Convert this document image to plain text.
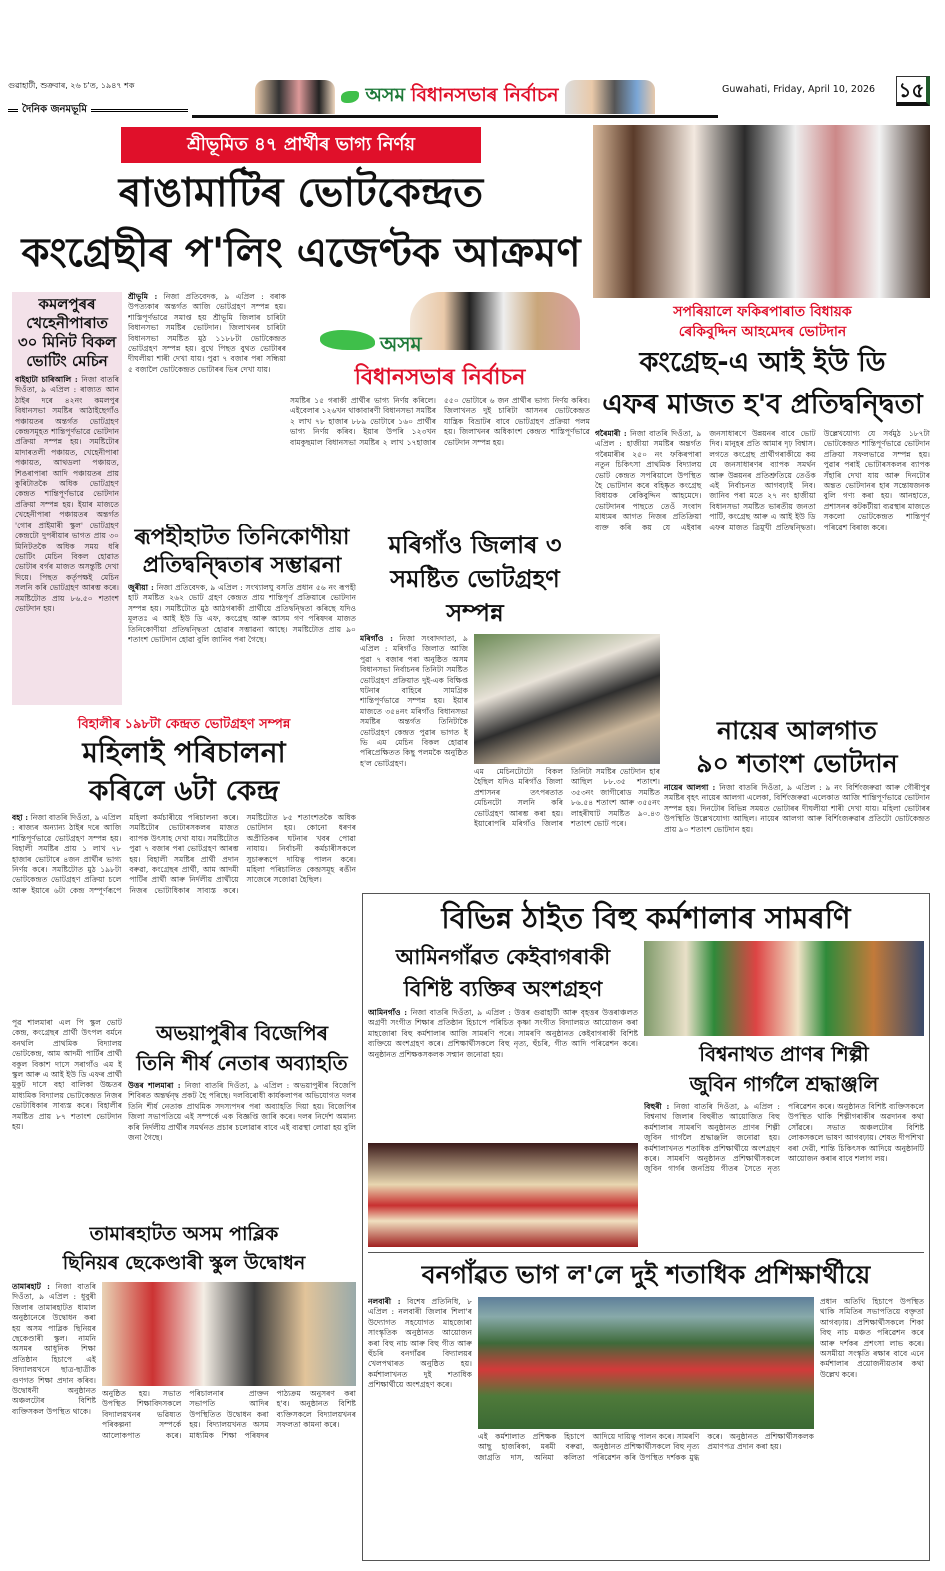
গুৱাহাটী, শুক্ৰবাৰ, ২৬ চ'ত, ১৯৪৭ শক
দৈনিক জনমভূমি
অসম বিধানসভাৰ নিৰ্বাচন	Guwahati, Friday, April 10, 2026	১৫
শ্ৰীভূমিত ৪৭ প্ৰাৰ্থীৰ ভাগ্য নিৰ্ণয়
ৰাঙামাটিৰ ভোটকেন্দ্ৰত
কংগ্ৰেছীৰ প'লিং এজেণ্টক আক্ৰমণ
কমলপুৰৰ খেহেনীপাৰাত ৩০ মিনিট বিকল ভোটিং মেচিন
বাইহাটা চাৰিআলি : নিজা বাতৰি দিওঁতা, ৯ এপ্ৰিল : ৰাজ্যত আন ঠাইৰ দৰে ৪২নং কমলপুৰ বিধানসভা সমষ্টিৰ আঠাইছেগাঁও পঞ্চায়তৰ অন্তৰ্গত ভোটগ্ৰহণ কেন্দ্ৰসমূহত শান্তিপূৰ্ণভাৱে ভোটদান প্ৰক্ৰিয়া সম্পন্ন হয়। সমষ্টিটোৰ মাদাৰতলী পঞ্চায়ত, খেহেনীপাৰা পঞ্চায়ত, আথডলা পঞ্চায়ত, শিঙৰাপাৰা আদি পঞ্চায়তৰ প্ৰায় কুৰিটাতকৈ অধিক ভোটগ্ৰহণ কেন্দ্ৰত শান্তিপূৰ্ণভাৱে ভোটদান প্ৰক্ৰিয়া সম্পন্ন হয়। ইয়াৰ মাজতে খেহেনীপাৰা পঞ্চায়তৰ অন্তৰ্গত 'গোৰ প্ৰাইমাৰী স্কুল' ভোটগ্ৰহণ কেন্দ্ৰটো দুপৰীয়াৰ ভাগত প্ৰায় ৩০ মিনিটতকৈ অধিক সময় ধৰি ভোটিং মেচিন বিকল হোৱাত ভোটাৰ বৰ্গৰ মাজত অসন্তুষ্টি দেখা দিয়ে। পিছত কৰ্তৃপক্ষই মেচিন সলনি কৰি ভোটগ্ৰহণ আৰম্ভ কৰে। সমষ্টিটোত প্ৰায় ৮৬.৫০ শতাংশ ভোটদান হয়।
শ্ৰীভূমি : নিজা প্ৰতিবেদক, ৯ এপ্ৰিল : বৰাক উপত্যকাৰ অন্তৰ্গত আজি ভোটগ্ৰহণ সম্পন্ন হয়। শাস্তিপূৰ্ণভাৱে সমাপ্ত হয় শ্ৰীভূমি জিলাৰ চাৰিটা বিধানসভা সমষ্টিৰ ভোটদান। জিলাখনৰ চাৰিটা বিধানসভা সমষ্টিত মুঠ ১১৮৮টা ভোটকেন্দ্ৰত ভোটগ্ৰহণ সম্পন্ন হয়। বুথে পিছত বুথত ভোটাৰৰ দীঘলীয়া শাৰী দেখা যায়। পুৱা ৭ বজাৰ পৰা সন্ধিয়া ৫ বজালৈ ভোটকেন্দ্ৰত ভোটাৰৰ ভিৰ দেখা যায়।
অসম
বিধানসভাৰ নিৰ্বাচন
সমষ্টিৰ ১৫ গৰাকী প্ৰাৰ্থীৰ ভাগ্য নিৰ্ণয় কৰিলে। এইবেলাৰ ১২৬খন থাকাবাৰণী বিধানসভা সমষ্টিৰ ২ লাখ ৭৮ হাজাৰ ৮৮৯ ভোটাৰে ১৬০ প্ৰাৰ্থীৰ ভাগ্য নিৰ্ণয় কৰিব। ইয়াৰ উপৰি ১২৩খন বামকুছমাল বিধানসভা সমষ্টিৰ ২ লাখ ১৭হাজাৰ ৫৫০ ভোটাৰে ৬ জন প্ৰাৰ্থীৰ ভাগ্য নিৰ্ণয় কৰিব। জিলাখনত দুই চাৰিটা আসনৰ ভোটকেন্দ্ৰত যান্ত্ৰিক বিভ্ৰাটৰ বাবে ভোটগ্ৰহণ প্ৰক্ৰিয়া পলম হয়। জিলাখনৰ অধিকাংশ কেন্দ্ৰত শাস্তিপূৰ্ণভাৱে ভোটদান সম্পন্ন হয়।
ৰূপহীহাটত তিনিকোণীয়া প্ৰতিদ্বন্দ্বিতাৰ সম্ভাৱনা
জুৰীয়া : নিজা প্ৰতিবেদক, ৯ এপ্ৰিল : সংখ্যালঘু বসতি প্ৰধান ৫৬ নং ৰূপহী হাট সমষ্টিত ২৬২ ভোট গ্ৰহণ কেন্দ্ৰত প্ৰায় শান্তিপূৰ্ণ প্ৰক্ৰিয়াৰে ভোটদান সম্পন্ন হয়। সমষ্টিটোত মুঠ আঠগৰাকী প্ৰাৰ্থীয়ে প্ৰতিদ্বন্দ্বিতা কৰিছে যদিও মূলতঃ এ আই ইউ ডি এফ, কংগ্ৰেছ আৰু আসম গণ পৰিষদৰ মাজত তিনিকোণীয়া প্ৰতিদ্বন্দ্বিতা হোৱাৰ সম্ভাৱনা আছে। সমষ্টিটোত প্ৰায় ৯০ শতাংশ ভোটদান হোৱা বুলি জানিব পৰা গৈছে।
সপৰিয়ালে ফকিৰপাৰাত বিধায়ক
ৰেকিবুদ্দিন আহমেদৰ ভোটদান
কংগ্ৰেছ-এ আই ইউ ডি
এফৰ মাজত হ'ব প্ৰতিদ্বন্দ্বিতা
গৰৈমাৰী : নিজা বাতৰি দিওঁতা, ৯ এপ্ৰিল : হাজীয়া সমষ্টিৰ অন্তৰ্গত গৰৈমাৰীৰ ২৫০ নং ফকিৰপাৰা নতুন চিকিৎসা প্ৰাথমিক বিদ্যালয় ভোট কেন্দ্ৰত সপৰিয়ালে উপস্থিত হৈ ভোটদান কৰে বহিষ্কৃত কংগ্ৰেছ বিধায়ক ৰেকিবুদ্দিন আহমেদে। ভোটদানৰ পাছতে তেওঁ সংবাদ মাধ্যমৰ আগত নিজৰ প্ৰতিক্ৰিয়া ব্যক্ত কৰি কয় যে এইবাৰ জনসাধাৰণে উন্নয়নৰ বাবে ভোট দিব। মানুহৰ প্ৰতি আমাৰ দৃঢ় বিশ্বাস। লগতে কংগ্ৰেছ প্ৰাৰ্থীগৰাকীয়ে কয় যে জনসাধাৰণৰ ব্যাপক সমৰ্থন আৰু উন্নয়নৰ প্ৰতিশ্ৰুতিয়ে তেওঁক এই নিৰ্বাচনত আগবঢ়াই নিব। জানিব পৰা মতে ২৭ নং হাজীয়া বিধানসভা সমষ্টিত ভাৰতীয় জনতা পাৰ্টি, কংগ্ৰেছ আৰু এ আই ইউ ডি এফৰ মাজত ত্ৰিমুখী প্ৰতিদ্বন্দ্বিতা। উল্লেখযোগ্য যে সৰ্বমুঠ ১৮৭টা ভোটকেন্দ্ৰত শান্তিপূৰ্ণভাৱে ভোটদান প্ৰক্ৰিয়া সফলভাৱে সম্পন্ন হয়। পুৱাৰ পৰাই ভোটাৰসকলৰ ব্যাপক সঁহাৰি দেখা যায় আৰু দিনটোৰ অন্তত ভোটদানৰ হাৰ সন্তোষজনক বুলি গণ্য কৰা হয়। আনহাতে, প্ৰশাসনৰ কটকটীয়া ব্যৱস্থাৰ মাজতে সকলো ভোটকেন্দ্ৰত শান্তিপূৰ্ণ পৰিৱেশ বিৰাজ কৰে।
মৰিগাঁও জিলাৰ ৩
সমষ্টিত ভোটগ্ৰহণ সম্পন্ন
মৰিগাঁও : নিজা সংবাদদাতা, ৯ এপ্ৰিল : মৰিগাঁও জিলাত আজি পুৱা ৭ বজাৰ পৰা অনুষ্ঠিত অসম বিধানসভা নিৰ্বাচনৰ তিনিটা সমষ্টিত ভোটগ্ৰহণ প্ৰক্ৰিয়াত দুই-এক বিক্ষিপ্ত ঘটনাৰ বাহিৰে সামগ্ৰিক শান্তিপূৰ্ণভাৱে সম্পন্ন হয়। ইয়াৰ মাজতে ৩৫৪নং মৰিগাঁও বিধানসভা সমষ্টিৰ অন্তৰ্গত তিনিটাকৈ ভোটগ্ৰহণ কেন্দ্ৰত পুৱাৰ ভাগত ই ভি এম মেচিন বিকল হোৱাৰ পৰিপ্ৰেক্ষিতত কিছু পলমকৈ অনুষ্ঠিত হ'ল ভোটগ্ৰহণ।
এম মেচিনটোটো বিকল হৈছিল যদিও মৰিগাঁও জিলা প্ৰশাসনৰ তৎপৰতাত মেচিনটো সলনি কৰি ভোটগ্ৰহণ আৰম্ভ কৰা হয়। ইয়াৰোপৰি মৰিগাঁও জিলাৰ তিনিটা সমষ্টিৰ ভোটদান হাৰ আছিল ৮৮.৩৫ শতাংশ। ৩৫৩নং জাগীৰোড সমষ্টিত ৮৬.৫৪ শতাংশ আৰু ৩৫৫নং লাহৰীঘাট সমষ্টিত ৯০.৪৩ শতাংশ ভোট পৰে।
নায়েৰ আলগাত
৯০ শতাংশ ভোটদান
নায়েৰ আলগা : নিজা বাতৰি দিওঁতা, ৯ এপ্ৰিল : ৯ নং বিৰ্শিংজৰুৱা আৰু গৌৰীপুৰ সমষ্টিৰ বৃহৎ নায়েৰ আলগা এলেকা, বিৰ্শিংজৰুৱা এলেকাত আজি শান্তিপূৰ্ণভাৱে ভোটদান সম্পন্ন হয়। দিনটোৰ বিভিন্ন সময়ত ভোটাৰৰ দীঘলীয়া শাৰী দেখা যায়। মহিলা ভোটাৰৰ উপস্থিতি উল্লেখযোগ্য আছিল। নায়েৰ আলগা আৰু বিৰ্শিংজৰুৱাৰ প্ৰতিটো ভোটকেন্দ্ৰত প্ৰায় ৯০ শতাংশ ভোটদান হয়।
বিহালীৰ ১৯৮টা কেন্দ্ৰত ভোটগ্ৰহণ সম্পন্ন
মহিলাই পৰিচালনা
কৰিলে ৬টা কেন্দ্ৰ
বহা : নিজা বাতৰি দিওঁতা, ৯ এপ্ৰিল : ৰাজ্যৰ অন্যান্য ঠাইৰ দৰে আজি শান্তিপূৰ্ণভাৱে ভোটগ্ৰহণ সম্পন্ন হয়। বিহালী সমষ্টিৰ প্ৰায় ১ লাখ ৭৮ হাজাৰ ভোটাৰে ৪জন প্ৰাৰ্থীৰ ভাগ্য নিৰ্ণয় কৰে। সমষ্টিটোত মুঠ ১৯৮টা ভোটকেন্দ্ৰত ভোটগ্ৰহণ প্ৰক্ৰিয়া চলে আৰু ইয়াৰে ৬টা কেন্দ্ৰ সম্পূৰ্ণৰূপে মহিলা কৰ্মচাৰীয়ে পৰিচালনা কৰে। সমষ্টিটোৰ ভোটাৰসকলৰ মাজত ব্যাপক উৎসাহ দেখা যায়। সমষ্টিটোত পুৱা ৭ বজাৰ পৰা ভোটগ্ৰহণ আৰম্ভ হয়। বিহালী সমষ্টিৰ প্ৰাৰ্থী প্ৰদান বৰুৱা, কংগ্ৰেছৰ প্ৰাৰ্থী, আম আদমী পাৰ্টিৰ প্ৰাৰ্থী আৰু নিৰ্দলীয় প্ৰাৰ্থীয়ে নিজৰ ভোটাধিকাৰ সাব্যস্ত কৰে। সমষ্টিটোত ৮৫ শতাংশতকৈ অধিক ভোটদান হয়। কোনো ধৰণৰ অপ্ৰীতিকৰ ঘটনাৰ খবৰ পোৱা নাযায়। নিৰ্বাচনী কৰ্মচাৰীসকলে সুচাৰুৰূপে দায়িত্ব পালন কৰে। মহিলা পৰিচালিত কেন্দ্ৰসমূহ ৰঙীন সাজেৰে সজোৱা হৈছিল।
পূৱ শালমাৰা এল পি স্কুল ভোট কেন্দ্ৰ, কংগ্ৰেছৰ প্ৰাৰ্থী উৎপল বৰ্মনে বনথলি প্ৰাথমিক বিদ্যালয় ভোটকেন্দ্ৰ, আম আদমী পাৰ্টিৰ প্ৰাৰ্থী বকুল বিকাশ দাসে সৰাগাঁও এম ই স্কুল আৰু এ আই ইউ ডি এফৰ প্ৰাৰ্থী মুকুট দাসে বহা বালিকা উচ্চতৰ মাধ্যমিক বিদ্যালয় ভোটকেন্দ্ৰত নিজৰ ভোটাধিকাৰ সাব্যস্ত কৰে। বিহালীৰ সমষ্টিত প্ৰায় ৮৭ শতাংশ ভোটদান হয়।
অভয়াপুৰীৰ বিজেপিৰ
তিনি শীৰ্ষ নেতাৰ অব্যাহতি
উত্তৰ শালমাৰা : নিজা বাতৰি দিওঁতা, ৯ এপ্ৰিল : অভয়াপুৰীৰ বিজেপি শিবিৰত অন্তৰ্দ্বন্দ্ব প্ৰকট হৈ পৰিছে। দলবিৰোধী কাৰ্যকলাপৰ অভিযোগত দলৰ তিনি শীৰ্ষ নেতাক প্ৰাথমিক সদস্যপদৰ পৰা অব্যাহতি দিয়া হয়। বিজেপিৰ জিলা সভাপতিয়ে এই সম্পৰ্কে এক বিজ্ঞপ্তি জাৰি কৰে। দলৰ নিৰ্দেশ অমান্য কৰি নিৰ্দলীয় প্ৰাৰ্থীৰ সমৰ্থনত প্ৰচাৰ চলোৱাৰ বাবে এই ব্যৱস্থা লোৱা হয় বুলি জনা গৈছে।
তামাৰহাটত অসম পাব্লিক
ছিনিয়ৰ ছেকেণ্ডাৰী স্কুল উদ্বোধন
তামাৰহাট : নিজা বাতৰি দিওঁতা, ৯ এপ্ৰিল : ধুবুৰী জিলাৰ তামাৰহাটত ধামাল অনুষ্ঠানেৰে উদ্বোধন কৰা হয় অসম পাব্লিক ছিনিয়ৰ ছেকেণ্ডাৰী স্কুল। নামনি অসমৰ আধুনিক শিক্ষা প্ৰতিষ্ঠান হিচাপে এই বিদ্যালয়খনে ছাত্ৰ-ছাত্ৰীক গুণগত শিক্ষা প্ৰদান কৰিব। উদ্বোধনী অনুষ্ঠানত অঞ্চলটোৰ বিশিষ্ট ব্যক্তিসকল উপস্থিত থাকে।
অনুষ্ঠিত হয়। সভাত উপস্থিত শিক্ষাবিদসকলে বিদ্যালয়খনৰ ভৱিষ্যত পৰিকল্পনা সম্পৰ্কে আলোকপাত কৰে। পৰিচালনাৰ প্ৰাক্তন সভাপতি আদিৰ উপস্থিতিত উদ্বোধন কৰা হয়। বিদ্যালয়খনত অসম মাধ্যমিক শিক্ষা পৰিষদৰ পাঠ্যক্ৰম অনুসৰণ কৰা হ'ব। অনুষ্ঠানত বিশিষ্ট ব্যক্তিসকলে বিদ্যালয়খনৰ সফলতা কামনা কৰে।
বিভিন্ন ঠাইত বিহু কৰ্মশালাৰ সামৰণি
আমিনগাঁৱত কেইবাগৰাকী
বিশিষ্ট ব্যক্তিৰ অংশগ্ৰহণ
আমিনগাঁও : নিজা বাতৰি দিওঁতা, ৯ এপ্ৰিল : উত্তৰ গুৱাহাটী আৰু বৃহত্তৰ উত্তৰাঞ্চলত অগ্ৰণী সংগীত শিক্ষাৰ প্ৰতিষ্ঠান হিচাপে পৰিচিত কৃষ্ণা সংগীত বিদ্যালয়ত আয়োজন কৰা মাহজোৰা বিহু কৰ্মশালাৰ আজি সামৰণি পৰে। সামৰণি অনুষ্ঠানত কেইবাগৰাকী বিশিষ্ট ব্যক্তিয়ে অংশগ্ৰহণ কৰে। প্ৰশিক্ষাৰ্থীসকলে বিহু নৃত্য, হুঁচৰি, গীত আদি পৰিৱেশন কৰে। অনুষ্ঠানত প্ৰশিক্ষকসকলক সন্মান জনোৱা হয়।	বিশ্বনাথত প্ৰাণৰ শিল্পী
জুবিন গাৰ্গলৈ শ্ৰদ্ধাঞ্জলি
বিহুৰী : নিজা বাতৰি দিওঁতা, ৯ এপ্ৰিল : বিশ্বনাথ জিলাৰ বিহুৰীত আয়োজিত বিহু কৰ্মশালাৰ সামৰণি অনুষ্ঠানত প্ৰাণৰ শিল্পী জুবিন গাৰ্গলৈ শ্ৰদ্ধাঞ্জলি জনোৱা হয়। কৰ্মশালাখনত শতাধিক প্ৰশিক্ষাৰ্থীয়ে অংশগ্ৰহণ কৰে। সামৰণি অনুষ্ঠানত প্ৰশিক্ষাৰ্থীসকলে জুবিন গাৰ্গৰ জনপ্ৰিয় গীতৰ সৈতে নৃত্য পৰিৱেশন কৰে। অনুষ্ঠানত বিশিষ্ট ব্যক্তিসকলে উপস্থিত থাকি শিল্পীগৰাকীৰ অৱদানৰ কথা সোঁৱৰে। সভাত অঞ্চলটোৰ বিশিষ্ট লোকসকলে ভাষণ আগবঢ়ায়। শেষত দীপশিখা বৰা দেৱী, শান্তি চিকিৎসক আদিয়ে অনুষ্ঠানটি আয়োজন কৰাৰ বাবে শলাগ লয়।
বনগাঁৱত ভাগ ল'লে দুই শতাধিক প্ৰশিক্ষাৰ্থীয়ে
নলবাৰী : বিশেষ প্ৰতিনিধি, ৮ এপ্ৰিল : নলবাৰী জিলাৰ শিলা'ৰ উদ্যোগত সহযোগত মাহজোৰা সাংস্কৃতিক অনুষ্ঠানত আয়োজন কৰা বিহু নাচ আৰু বিহু গীত আৰু হুঁচৰি বনগাঁৱৰ বিদ্যালয়ৰ খেলপথাৰত অনুষ্ঠিত হয়। কৰ্মশালাখনত দুই শতাধিক প্ৰশিক্ষাৰ্থীয়ে অংশগ্ৰহণ কৰে।
এই কৰ্মশালাত প্ৰশিক্ষক হিচাপে আছু হাজৰিকা, মৰমী বৰুৱা, জাগ্ৰতি দাস, অনিমা কলিতা আদিয়ে দায়িত্ব পালন কৰে। সামৰণি অনুষ্ঠানত প্ৰশিক্ষাৰ্থীসকলে বিহু নৃত্য পৰিৱেশন কৰি উপস্থিত দৰ্শকক মুগ্ধ কৰে। অনুষ্ঠানত প্ৰশিক্ষাৰ্থীসকলক প্ৰমাণপত্ৰ প্ৰদান কৰা হয়।
প্ৰধান অতিথি হিচাপে উপস্থিত থাকি সমিতিৰ সভাপতিয়ে বক্তৃতা আগবঢ়ায়। প্ৰশিক্ষাৰ্থীসকলে শিকা বিহু নাচ মঞ্চত পৰিৱেশন কৰে আৰু দৰ্শকৰ প্ৰশংসা লাভ কৰে। অসমীয়া সংস্কৃতি ৰক্ষাৰ বাবে এনে কৰ্মশালাৰ প্ৰয়োজনীয়তাৰ কথা উল্লেখ কৰে।
